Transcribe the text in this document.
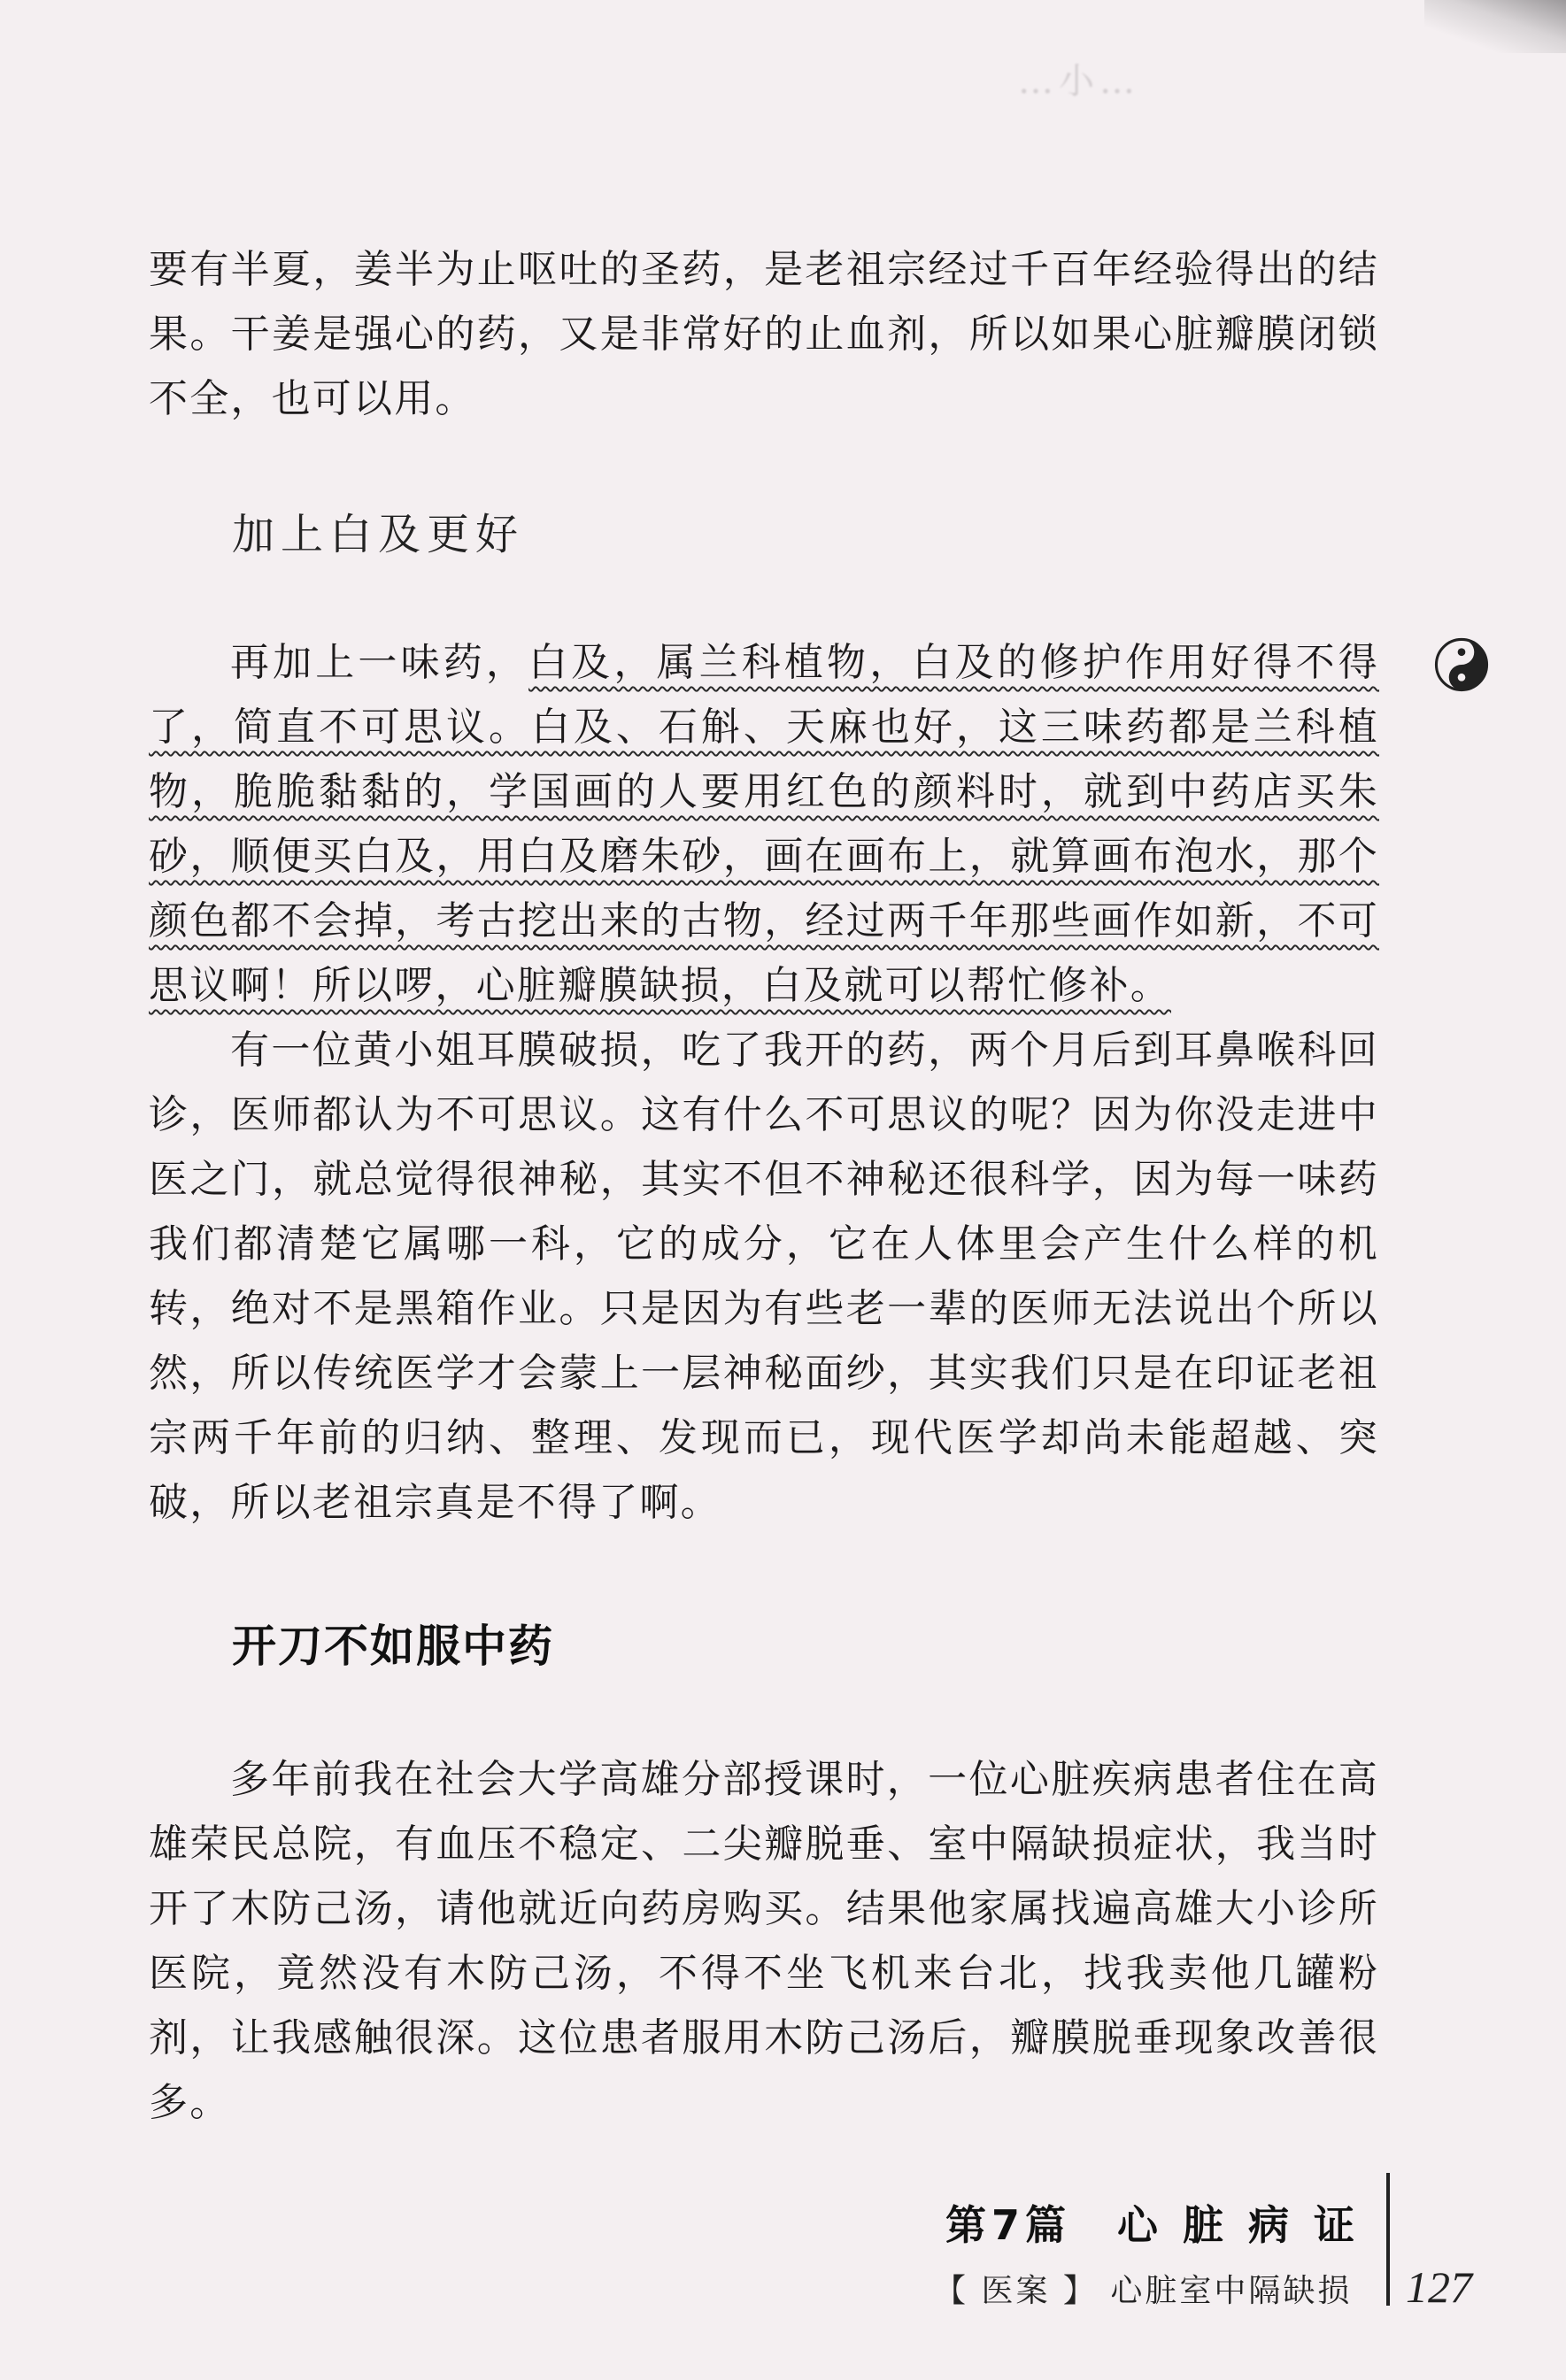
…小…

要有半夏，姜半为止呕吐的圣药，是老祖宗经过千百年经验得出的结果。干姜是强心的药，又是非常好的止血剂，所以如果心脏瓣膜闭锁不全，也可以用。

加上白及更好

再加上一味药，白及，属兰科植物，白及的修护作用好得不得了，简直不可思议。白及、石斛、天麻也好，这三味药都是兰科植物，脆脆黏黏的，学国画的人要用红色的颜料时，就到中药店买朱砂，顺便买白及，用白及磨朱砂，画在画布上，就算画布泡水，那个颜色都不会掉，考古挖出来的古物，经过两千年那些画作如新，不可思议啊！所以啰，心脏瓣膜缺损，白及就可以帮忙修补。

有一位黄小姐耳膜破损，吃了我开的药，两个月后到耳鼻喉科回诊，医师都认为不可思议。这有什么不可思议的呢？因为你没走进中医之门，就总觉得很神秘，其实不但不神秘还很科学，因为每一味药我们都清楚它属哪一科，它的成分，它在人体里会产生什么样的机转，绝对不是黑箱作业。只是因为有些老一辈的医师无法说出个所以然，所以传统医学才会蒙上一层神秘面纱，其实我们只是在印证老祖宗两千年前的归纳、整理、发现而已，现代医学却尚未能超越、突破，所以老祖宗真是不得了啊。

开刀不如服中药

多年前我在社会大学高雄分部授课时，一位心脏疾病患者住在高雄荣民总院，有血压不稳定、二尖瓣脱垂、室中隔缺损症状，我当时开了木防己汤，请他就近向药房购买。结果他家属找遍高雄大小诊所医院，竟然没有木防己汤，不得不坐飞机来台北，找我卖他几罐粉剂，让我感触很深。这位患者服用木防己汤后，瓣膜脱垂现象改善很多。

第7篇　心 脏 病 证
【 医案 】 心脏室中隔缺损 127
